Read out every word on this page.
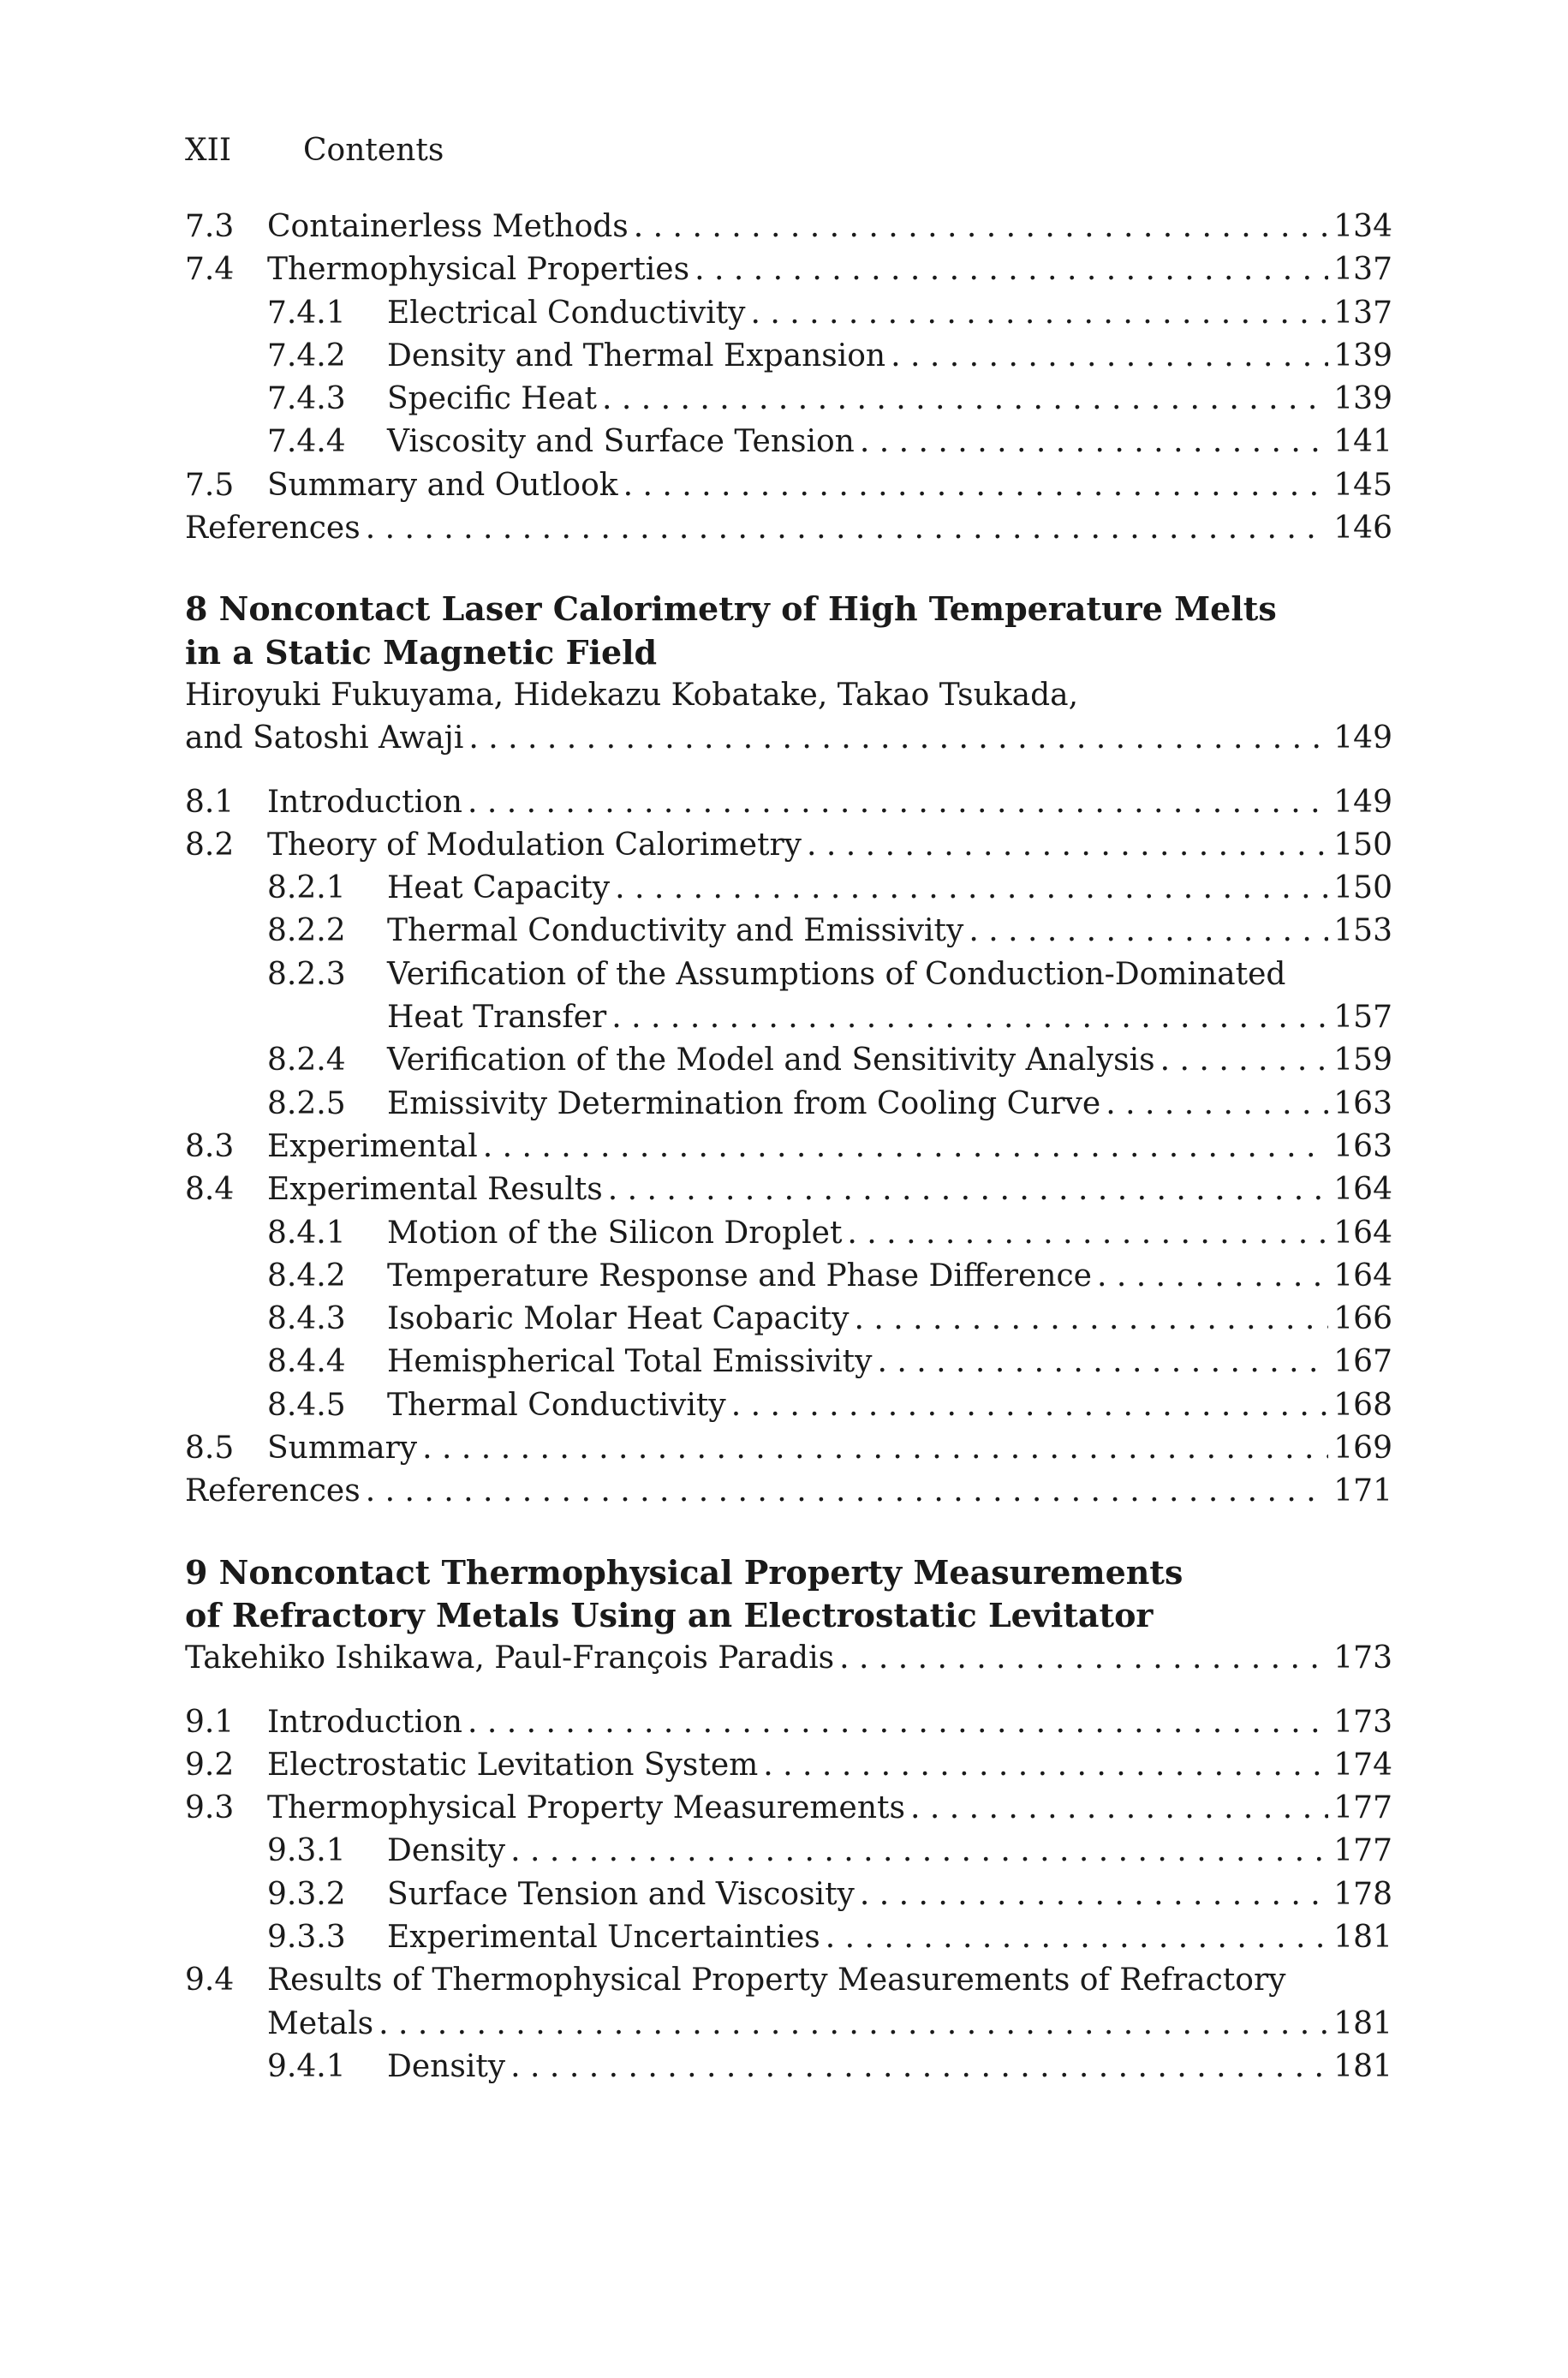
XII Contents
7.3	Containerless Methods . . .	134
7.4	Thermophysical Properties . . .	137
7.4.1	Electrical Conductivity . . .	137
7.4.2	Density and Thermal Expansion . . .	139
7.4.3	Specific Heat . . .	139
7.4.4	Viscosity and Surface Tension . . .	141
7.5	Summary and Outlook . . .	145
References . . .	146
8 Noncontact Laser Calorimetry of High Temperature Melts
in a Static Magnetic Field
Hiroyuki Fukuyama, Hidekazu Kobatake, Takao Tsukada,
and Satoshi Awaji . . .	149
8.1	Introduction . . .	149
8.2	Theory of Modulation Calorimetry . . .	150
8.2.1	Heat Capacity . . .	150
8.2.2	Thermal Conductivity and Emissivity . . .	153
8.2.3	Verification of the Assumptions of Conduction-Dominated
Heat Transfer . . .	157
8.2.4	Verification of the Model and Sensitivity Analysis . . .	159
8.2.5	Emissivity Determination from Cooling Curve . . .	163
8.3	Experimental . . .	163
8.4	Experimental Results . . .	164
8.4.1	Motion of the Silicon Droplet . . .	164
8.4.2	Temperature Response and Phase Difference . . .	164
8.4.3	Isobaric Molar Heat Capacity . . .	166
8.4.4	Hemispherical Total Emissivity . . .	167
8.4.5	Thermal Conductivity . . .	168
8.5	Summary . . .	169
References . . .	171
9 Noncontact Thermophysical Property Measurements
of Refractory Metals Using an Electrostatic Levitator
Takehiko Ishikawa, Paul-François Paradis . . .	173
9.1	Introduction . . .	173
9.2	Electrostatic Levitation System . . .	174
9.3	Thermophysical Property Measurements . . .	177
9.3.1	Density . . .	177
9.3.2	Surface Tension and Viscosity . . .	178
9.3.3	Experimental Uncertainties . . .	181
9.4	Results of Thermophysical Property Measurements of Refractory
Metals . . .	181
9.4.1	Density . . .	181
